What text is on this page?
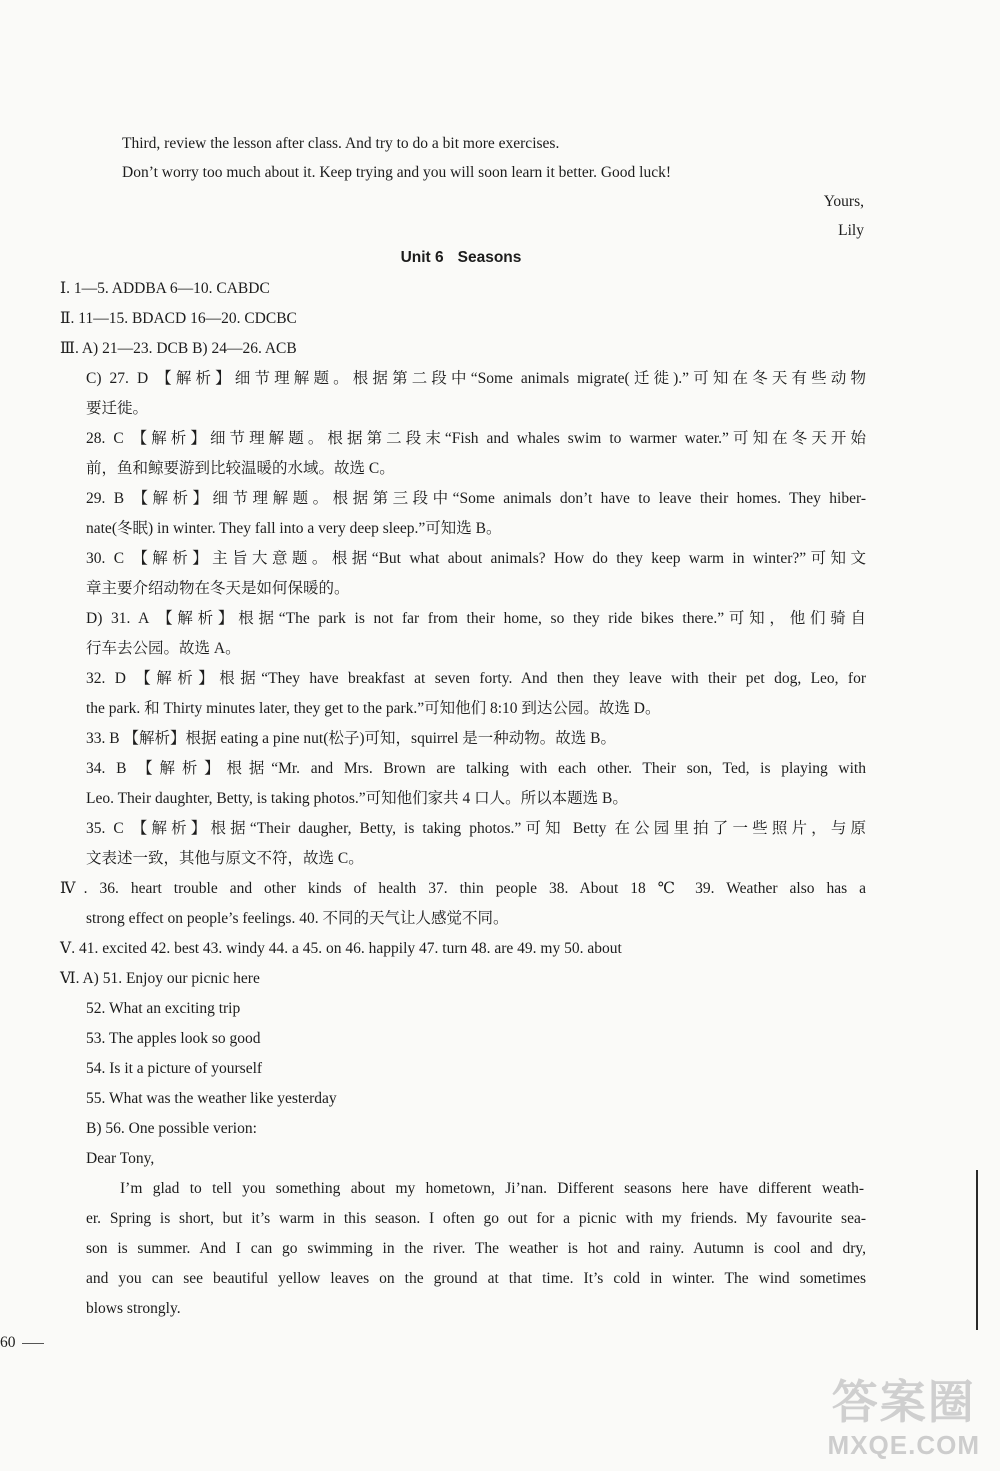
Third, review the lesson after class. And try to do a bit more exercises.
Don’t worry too much about it. Keep trying and you will soon learn it better. Good luck!
Yours,
Lily
Unit 6 Seasons
Ⅰ. 1—5. ADDBA 6—10. CABDC
Ⅱ. 11—15. BDACD 16—20. CDCBC
Ⅲ. A) 21—23. DCB B) 24—26. ACB
C) 27. D 【解析】细节理解题。根据第二段中“Some animals migrate(迁徙).”可知在冬天有些动物
要迁徙。
28. C 【解析】细节理解题。根据第二段末“Fish and whales swim to warmer water.”可知在冬天开始
前，鱼和鲸要游到比较温暖的水域。故选 C。
29. B 【解析】细节理解题。根据第三段中“Some animals don’t have to leave their homes. They hiber-
nate(冬眠) in winter. They fall into a very deep sleep.”可知选 B。
30. C 【解析】主旨大意题。根据“But what about animals? How do they keep warm in winter?”可知文
章主要介绍动物在冬天是如何保暖的。
D) 31. A 【解析】根据“The park is not far from their home, so they ride bikes there.”可知，他们骑自
行车去公园。故选 A。
32. D 【解析】根据“They have breakfast at seven forty. And then they leave with their pet dog, Leo, for
the park. 和 Thirty minutes later, they get to the park.”可知他们 8:10 到达公园。故选 D。
33. B 【解析】根据 eating a pine nut(松子)可知，squirrel 是一种动物。故选 B。
34. B 【解析】根据“Mr. and Mrs. Brown are talking with each other. Their son, Ted, is playing with
Leo. Their daughter, Betty, is taking photos.”可知他们家共 4 口人。所以本题选 B。
35. C 【解析】根据“Their daugher, Betty, is taking photos.”可知 Betty 在公园里拍了一些照片，与原
文表述一致，其他与原文不符，故选 C。
Ⅳ. 36. heart trouble and other kinds of health 37. thin people 38. About 18 ℃ 39. Weather also has a
strong effect on people’s feelings. 40. 不同的天气让人感觉不同。
Ⅴ. 41. excited 42. best 43. windy 44. a 45. on 46. happily 47. turn 48. are 49. my 50. about
Ⅵ. A) 51. Enjoy our picnic here
52. What an exciting trip
53. The apples look so good
54. Is it a picture of yourself
55. What was the weather like yesterday
B) 56. One possible verion:
Dear Tony,
I’m glad to tell you something about my hometown, Ji’nan. Different seasons here have different weath-
er. Spring is short, but it’s warm in this season. I often go out for a picnic with my friends. My favourite sea-
son is summer. And I can go swimming in the river. The weather is hot and rainy. Autumn is cool and dry,
and you can see beautiful yellow leaves on the ground at that time. It’s cold in winter. The wind sometimes
blows strongly.
60
答案圈
MXQE.COM
